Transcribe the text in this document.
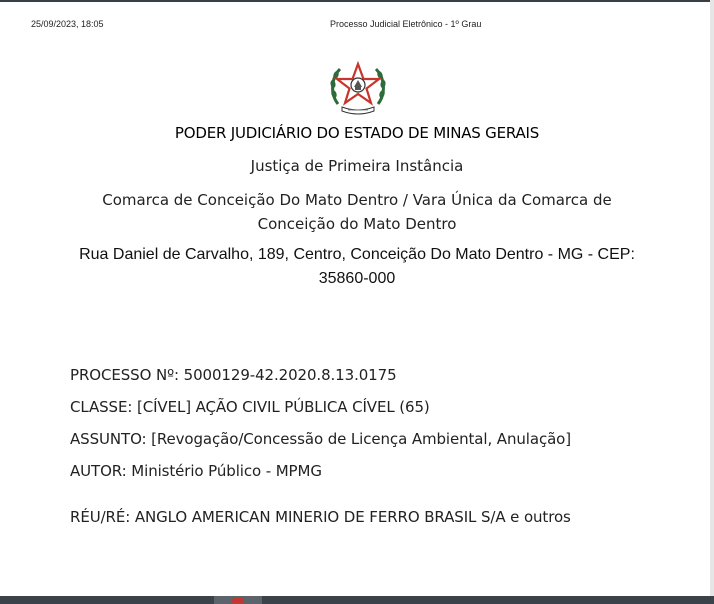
25/09/2023, 18:05	Processo Judicial Eletrônico - 1º Grau
PODER JUDICIÁRIO DO ESTADO DE MINAS GERAIS
Justiça de Primeira Instância
Comarca de Conceição Do Mato Dentro / Vara Única da Comarca de Conceição do Mato Dentro
Rua Daniel de Carvalho, 189, Centro, Conceição Do Mato Dentro - MG - CEP: 35860-000
PROCESSO Nº: 5000129-42.2020.8.13.0175
CLASSE: [CÍVEL] AÇÃO CIVIL PÚBLICA CÍVEL (65)
ASSUNTO: [Revogação/Concessão de Licença Ambiental, Anulação]
AUTOR: Ministério Público - MPMG
RÉU/RÉ: ANGLO AMERICAN MINERIO DE FERRO BRASIL S/A e outros
